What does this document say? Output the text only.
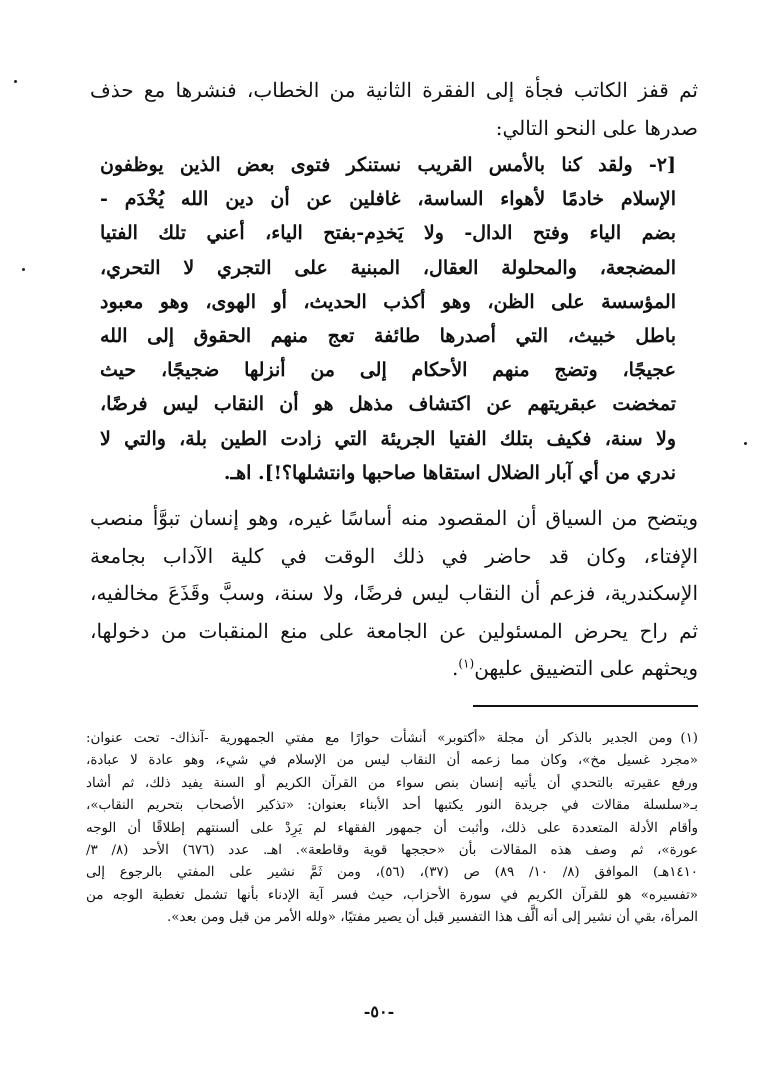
ثم قفز الكاتب فجأة إلى الفقرة الثانية من الخطاب، فنشرها مع حذف
صدرها على النحو التالي:
[٢- ولقد كنا بالأمس القريب نستنكر فتوى بعض الذين يوظفون
الإسلام خادمًا لأهواء الساسة، غافلين عن أن دين الله يُخْدَم -
بضم الياء وفتح الدال- ولا يَخدِم-بفتح الياء، أعني تلك الفتيا
المضجعة، والمحلولة العقال، المبنية على التجري لا التحري،
المؤسسة على الظن، وهو أكذب الحديث، أو الهوى، وهو معبود
باطل خبيث، التي أصدرها طائفة تعج منهم الحقوق إلى الله
عجيجًا، وتضج منهم الأحكام إلى من أنزلها ضجيجًا، حيث
تمخضت عبقريتهم عن اكتشاف مذهل هو أن النقاب ليس فرضًا،
ولا سنة، فكيف بتلك الفتيا الجريئة التي زادت الطين بلة، والتي لا
ندري من أي آبار الضلال استقاها صاحبها وانتشلها؟!]. اهـ.
ويتضح من السياق أن المقصود منه أساسًا غيره، وهو إنسان تبوَّأ منصب
الإفتاء، وكان قد حاضر في ذلك الوقت في كلية الآداب بجامعة
الإسكندرية، فزعم أن النقاب ليس فرضًا، ولا سنة، وسبَّ وقَذَعَ مخالفيه،
ثم راح يحرض المسئولين عن الجامعة على منع المنقبات من دخولها،
ويحثهم على التضييق عليهن$^{(١)}$.
(١)ومن الجدير بالذكر أن مجلة «أكتوبر» أنشأت حوارًا مع مفتي الجمهورية -آنذاك- تحت عنوان:
«مجرد غسيل مخ»، وكان مما زعمه أن النقاب ليس من الإسلام في شيء، وهو عادة لا عبادة،
ورفع عقيرته بالتحدي أن يأتيه إنسان بنص سواء من القرآن الكريم أو السنة يفيد ذلك، ثم أشاد
بـ«سلسلة مقالات في جريدة النور يكتبها أحد الأبناء بعنوان: «تذكير الأصحاب بتحريم النقاب»،
وأقام الأدلة المتعددة على ذلك، وأثبت أن جمهور الفقهاء لم يَرِدْ على ألسنتهم إطلاقًا أن الوجه
عورة»، ثم وصف هذه المقالات بأن «حججها قوية وقاطعة». اهـ. عدد (٦٧٦) الأحد (٨/ ٣/
١٤١٠هـ) الموافق (٨/ ١٠/ ٨٩) ص (٣٧)، (٥٦)، ومن ثَمَّ نشير على المفتي بالرجوع إلى
«تفسيره» هو للقرآن الكريم في سورة الأحزاب، حيث فسر آية الإدناء بأنها تشمل تغطية الوجه من
المرأة، بقي أن نشير إلى أنه ألَّف هذا التفسير قبل أن يصير مفتيًا، «ولله الأمر من قبل ومن بعد».
-٥٠-
